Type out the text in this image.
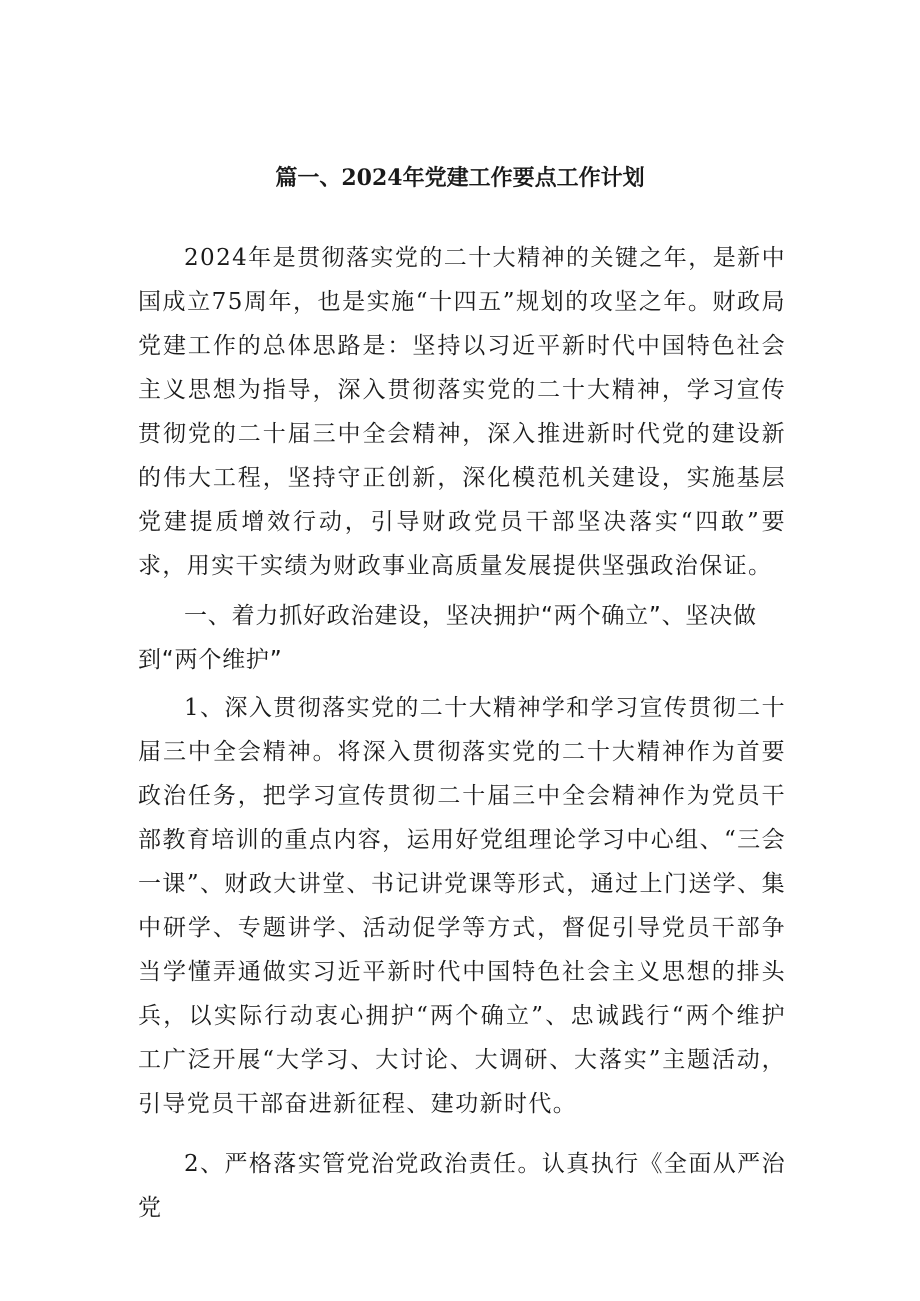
篇一、2024年党建工作要点工作计划

2024年是贯彻落实党的二十大精神的关键之年，是新中国成立75周年，也是实施“十四五”规划的攻坚之年。财政局党建工作的总体思路是：坚持以习近平新时代中国特色社会主义思想为指导，深入贯彻落实党的二十大精神，学习宣传贯彻党的二十届三中全会精神，深入推进新时代党的建设新的伟大工程，坚持守正创新，深化模范机关建设，实施基层党建提质增效行动，引导财政党员干部坚决落实“四敢”要求，用实干实绩为财政事业高质量发展提供坚强政治保证。

一、着力抓好政治建设，坚决拥护“两个确立”、坚决做到“两个维护”

1、深入贯彻落实党的二十大精神学和学习宣传贯彻二十届三中全会精神。将深入贯彻落实党的二十大精神作为首要政治任务，把学习宣传贯彻二十届三中全会精神作为党员干部教育培训的重点内容，运用好党组理论学习中心组、“三会一课”、财政大讲堂、书记讲党课等形式，通过上门送学、集中研学、专题讲学、活动促学等方式，督促引导党员干部争当学懂弄通做实习近平新时代中国特色社会主义思想的排头兵，以实际行动衷心拥护“两个确立”、忠诚践行“两个维护工广泛开展“大学习、大讨论、大调研、大落实”主题活动，引导党员干部奋进新征程、建功新时代。

2、严格落实管党治党政治责任。认真执行《全面从严治党
